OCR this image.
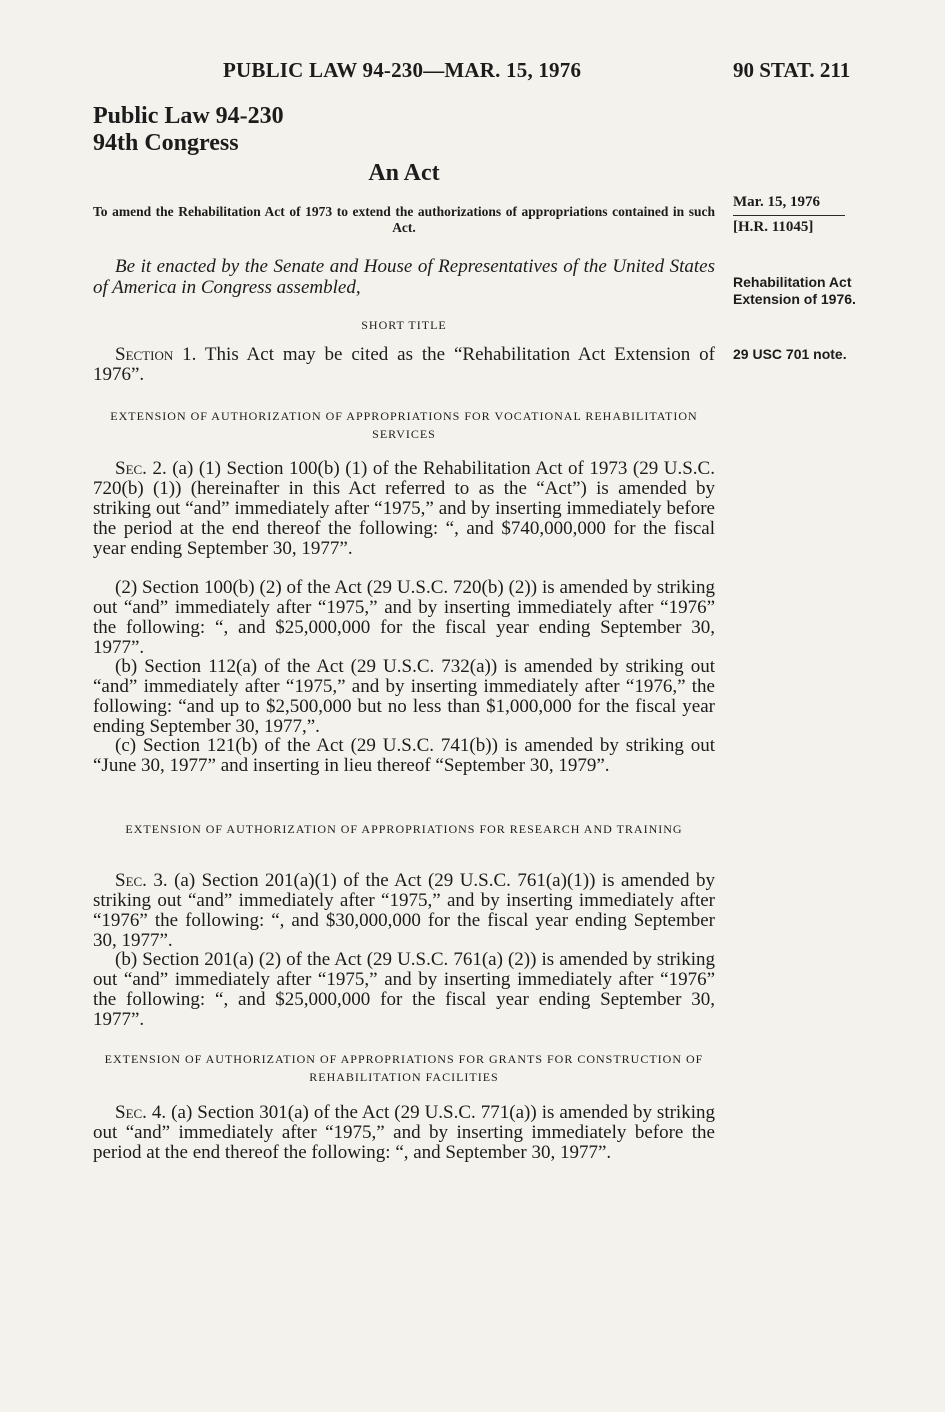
PUBLIC LAW 94-230—MAR. 15, 1976	90 STAT. 211
Public Law 94-230
94th Congress
An Act
To amend the Rehabilitation Act of 1973 to extend the authorizations of appropriations contained in such Act.
Be it enacted by the Senate and House of Representatives of the United States of America in Congress assembled,
Mar. 15, 1976
[H.R. 11045]
Rehabilitation Act Extension of 1976.
29 USC 701 note.
SHORT TITLE

Section 1. This Act may be cited as the “Rehabilitation Act Extension of 1976”.

EXTENSION OF AUTHORIZATION OF APPROPRIATIONS FOR VOCATIONAL REHABILITATION SERVICES

Sec. 2. (a) (1) Section 100(b) (1) of the Rehabilitation Act of 1973 (29 U.S.C. 720(b) (1)) (hereinafter in this Act referred to as the “Act”) is amended by striking out “and” immediately after “1975,” and by inserting immediately before the period at the end thereof the following: “, and $740,000,000 for the fiscal year ending September 30, 1977”.

(2) Section 100(b) (2) of the Act (29 U.S.C. 720(b) (2)) is amended by striking out “and” immediately after “1975,” and by inserting immediately after “1976” the following: “, and $25,000,000 for the fiscal year ending September 30, 1977”.

(b) Section 112(a) of the Act (29 U.S.C. 732(a)) is amended by striking out “and” immediately after “1975,” and by inserting immediately after “1976,” the following: “and up to $2,500,000 but no less than $1,000,000 for the fiscal year ending September 30, 1977,”.

(c) Section 121(b) of the Act (29 U.S.C. 741(b)) is amended by striking out “June 30, 1977” and inserting in lieu thereof “September 30, 1979”.

EXTENSION OF AUTHORIZATION OF APPROPRIATIONS FOR RESEARCH AND TRAINING

Sec. 3. (a) Section 201(a)(1) of the Act (29 U.S.C. 761(a)(1)) is amended by striking out “and” immediately after “1975,” and by inserting immediately after “1976” the following: “, and $30,000,000 for the fiscal year ending September 30, 1977”.

(b) Section 201(a) (2) of the Act (29 U.S.C. 761(a) (2)) is amended by striking out “and” immediately after “1975,” and by inserting immediately after “1976” the following: “, and $25,000,000 for the fiscal year ending September 30, 1977”.

EXTENSION OF AUTHORIZATION OF APPROPRIATIONS FOR GRANTS FOR CONSTRUCTION OF REHABILITATION FACILITIES

Sec. 4. (a) Section 301(a) of the Act (29 U.S.C. 771(a)) is amended by striking out “and” immediately after “1975,” and by inserting immediately before the period at the end thereof the following: “, and September 30, 1977”.
